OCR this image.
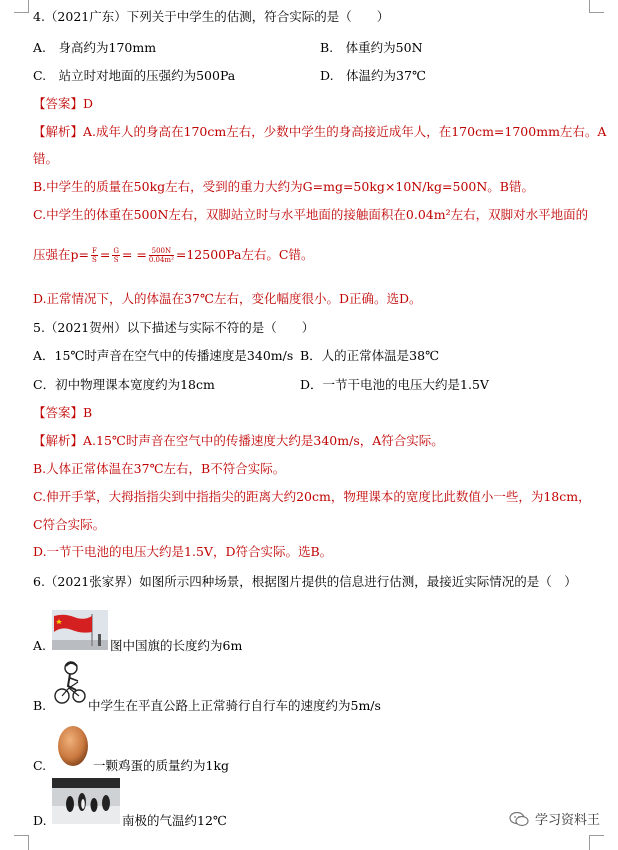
4.（2021广东）下列关于中学生的估测，符合实际的是（　　）
A.　身高约为170mm	B.　体重约为50N
C.　站立时对地面的压强约为500Pa	D.　体温约为37℃
【答案】D
【解析】A.成年人的身高在170cm左右，少数中学生的身高接近成年人，在170cm=1700mm左右。A
错。
B.中学生的质量在50kg左右，受到的重力大约为G=mg=50kg×10N/kg=500N。B错。
C.中学生的体重在500N左右，双脚站立时与水平地面的接触面积在0.04m²左右，双脚对水平地面的
压强在$p= \frac{F}{S} = \frac{G}{S}$ = = $\frac{500N}{\text{0.04m²}} =12500Pa$左右。C错。
D.正常情况下，人的体温在37℃左右，变化幅度很小。D正确。选D。
5.（2021贺州）以下描述与实际不符的是（　　）
A．15℃时声音在空气中的传播速度是340m/s B．人的正常体温是38℃
C．初中物理课本宽度约为18cm	D．一节干电池的电压大约是1.5V
【答案】B
【解析】A.15℃时声音在空气中的传播速度大约是340m/s，A符合实际。
B.人体正常体温在37℃左右，B不符合实际。
C.伸开手掌，大拇指指尖到中指指尖的距离大约20cm，物理课本的宽度比此数值小一些，为18cm，
C符合实际。
D.一节干电池的电压大约是1.5V，D符合实际。选B。
6.（2021张家界）如图所示四种场景，根据图片提供的信息进行估测，最接近实际情况的是（　）
A.	图中国旗的长度约为6m
B.	中学生在平直公路上正常骑行自行车的速度约为5m/s
C.	一颗鸡蛋的质量约为1kg
D.	南极的气温约12℃	学习资料王
